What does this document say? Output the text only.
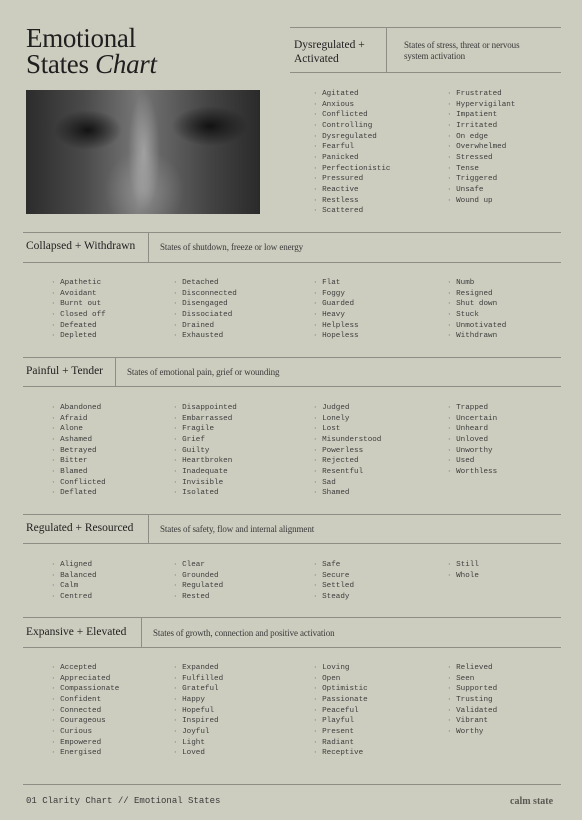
Emotional
States Chart
Dysregulated +
Activated
States of stress, threat or nervous
system activation
· Agitated
· Anxious
· Conflicted
· Controlling
· Dysregulated
· Fearful
· Panicked
· Perfectionistic
· Pressured
· Reactive
· Restless
· Scattered
· Frustrated
· Hypervigilant
· Impatient
· Irritated
· On edge
· Overwhelmed
· Stressed
· Tense
· Triggered
· Unsafe
· Wound up
Collapsed + Withdrawn	States of shutdown, freeze or low energy
· Apathetic
· Avoidant
· Burnt out
· Closed off
· Defeated
· Depleted
· Detached
· Disconnected
· Disengaged
· Dissociated
· Drained
· Exhausted
· Flat
· Foggy
· Guarded
· Heavy
· Helpless
· Hopeless
· Numb
· Resigned
· Shut down
· Stuck
· Unmotivated
· Withdrawn
Painful + Tender	States of emotional pain, grief or wounding
· Abandoned
· Afraid
· Alone
· Ashamed
· Betrayed
· Bitter
· Blamed
· Conflicted
· Deflated
· Disappointed
· Embarrassed
· Fragile
· Grief
· Guilty
· Heartbroken
· Inadequate
· Invisible
· Isolated
· Judged
· Lonely
· Lost
· Misunderstood
· Powerless
· Rejected
· Resentful
· Sad
· Shamed
· Trapped
· Uncertain
· Unheard
· Unloved
· Unworthy
· Used
· Worthless
Regulated + Resourced	States of safety, flow and internal alignment
· Aligned
· Balanced
· Calm
· Centred
· Clear
· Grounded
· Regulated
· Rested
· Safe
· Secure
· Settled
· Steady
· Still
· Whole
Expansive + Elevated	States of growth, connection and positive activation
· Accepted
· Appreciated
· Compassionate
· Confident
· Connected
· Courageous
· Curious
· Empowered
· Energised
· Expanded
· Fulfilled
· Grateful
· Happy
· Hopeful
· Inspired
· Joyful
· Light
· Loved
· Loving
· Open
· Optimistic
· Passionate
· Peaceful
· Playful
· Present
· Radiant
· Receptive
· Relieved
· Seen
· Supported
· Trusting
· Validated
· Vibrant
· Worthy
01 Clarity Chart // Emotional States	calm state
